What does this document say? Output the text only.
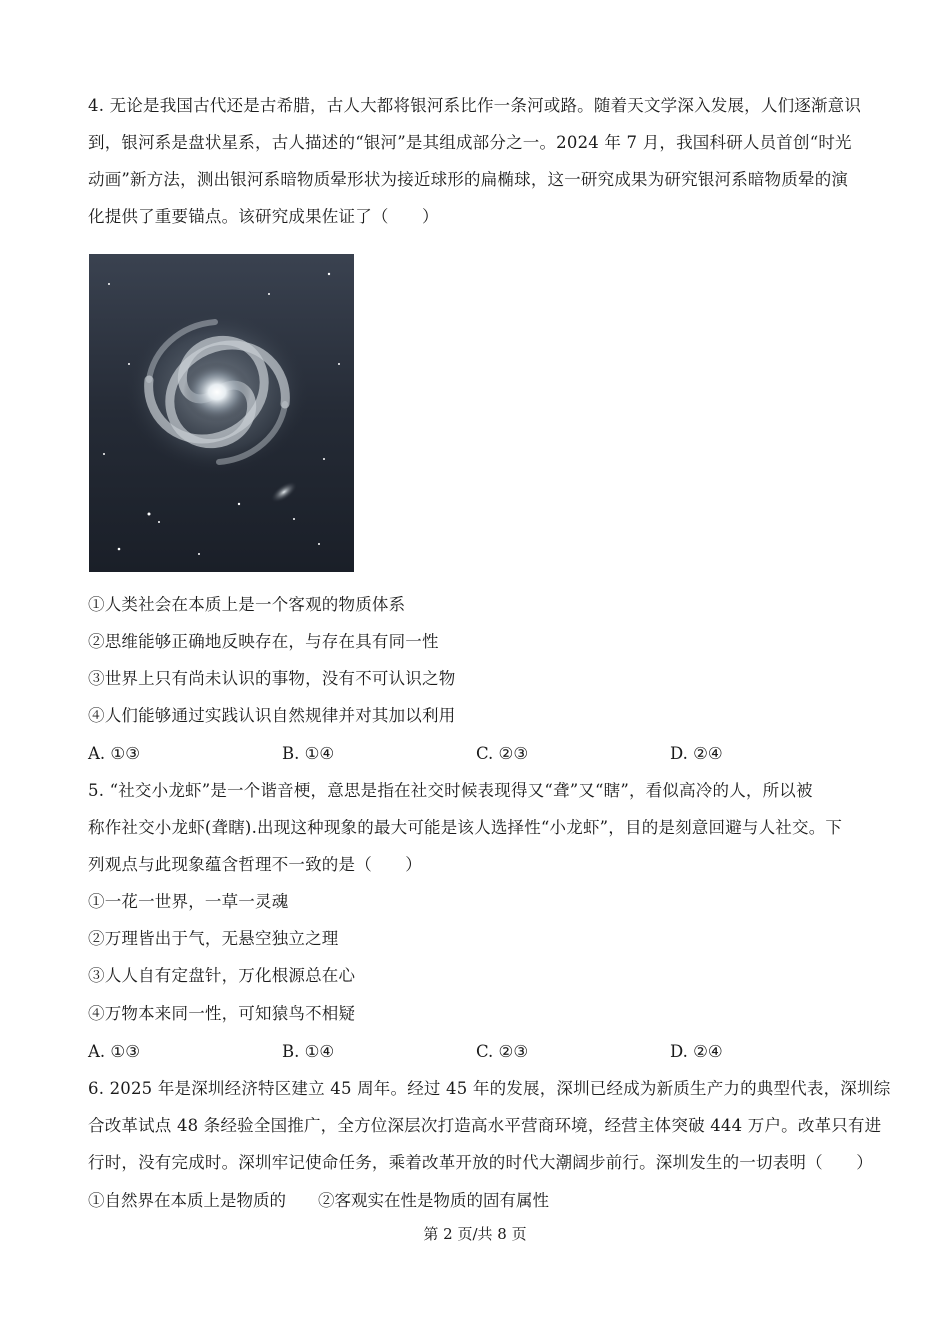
4. 无论是我国古代还是古希腊，古人大都将银河系比作一条河或路。随着天文学深入发展，人们逐渐意识
到，银河系是盘状星系，古人描述的“银河”是其组成部分之一。2024 年 7 月，我国科研人员首创“时光
动画”新方法，测出银河系暗物质晕形状为接近球形的扁椭球，这一研究成果为研究银河系暗物质晕的演
化提供了重要锚点。该研究成果佐证了（　　）
①人类社会在本质上是一个客观的物质体系
②思维能够正确地反映存在，与存在具有同一性
③世界上只有尚未认识的事物，没有不可认识之物
④人们能够通过实践认识自然规律并对其加以利用
A. ①③	B. ①④	C. ②③	D. ②④
5. “社交小龙虾”是一个谐音梗，意思是指在社交时候表现得又“聋”又“瞎”，看似高冷的人，所以被
称作社交小龙虾(聋瞎).出现这种现象的最大可能是该人选择性“小龙虾”，目的是刻意回避与人社交。下
列观点与此现象蕴含哲理不一致的是（　　）
①一花一世界，一草一灵魂
②万理皆出于气，无悬空独立之理
③人人自有定盘针，万化根源总在心
④万物本来同一性，可知猿鸟不相疑
A. ①③	B. ①④	C. ②③	D. ②④
6. 2025 年是深圳经济特区建立 45 周年。经过 45 年的发展，深圳已经成为新质生产力的典型代表，深圳综
合改革试点 48 条经验全国推广，全方位深层次打造高水平营商环境，经营主体突破 444 万户。改革只有进
行时，没有完成时。深圳牢记使命任务，乘着改革开放的时代大潮阔步前行。深圳发生的一切表明（　　）
①自然界在本质上是物质的 ②客观实在性是物质的固有属性
第 2 页/共 8 页
